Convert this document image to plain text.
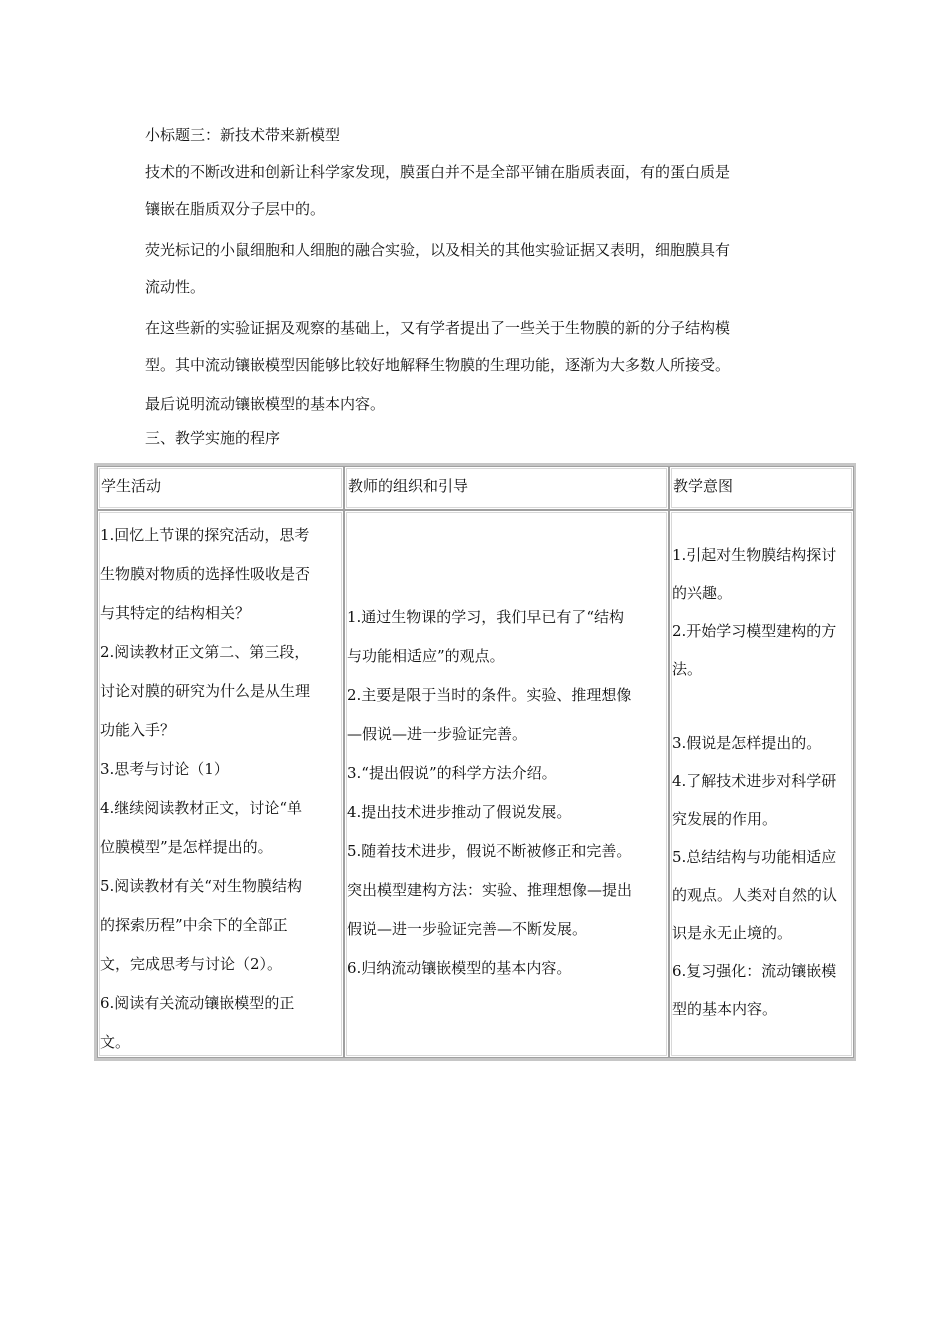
小标题三：新技术带来新模型

技术的不断改进和创新让科学家发现，膜蛋白并不是全部平铺在脂质表面，有的蛋白质是
镶嵌在脂质双分子层中的。

荧光标记的小鼠细胞和人细胞的融合实验，以及相关的其他实验证据又表明，细胞膜具有
流动性。

在这些新的实验证据及观察的基础上，又有学者提出了一些关于生物膜的新的分子结构模
型。其中流动镶嵌模型因能够比较好地解释生物膜的生理功能，逐渐为大多数人所接受。

最后说明流动镶嵌模型的基本内容。

三、教学实施的程序

学生活动	教师的组织和引导	教学意图
1.回忆上节课的探究活动，思考
生物膜对物质的选择性吸收是否
与其特定的结构相关？
2.阅读教材正文第二、第三段，
讨论对膜的研究为什么是从生理
功能入手？
3.思考与讨论（1）
4.继续阅读教材正文，讨论“单
位膜模型”是怎样提出的。
5.阅读教材有关“对生物膜结构
的探索历程”中余下的全部正
文，完成思考与讨论（2）。
6.阅读有关流动镶嵌模型的正
文。
1.通过生物课的学习，我们早已有了“结构
与功能相适应”的观点。
2.主要是限于当时的条件。实验、推理想像
—假说—进一步验证完善。
3.“提出假说”的科学方法介绍。
4.提出技术进步推动了假说发展。
5.随着技术进步，假说不断被修正和完善。
突出模型建构方法：实验、推理想像—提出
假说—进一步验证完善—不断发展。
6.归纳流动镶嵌模型的基本内容。
1.引起对生物膜结构探讨
的兴趣。
2.开始学习模型建构的方
法。
3.假说是怎样提出的。
4.了解技术进步对科学研
究发展的作用。
5.总结结构与功能相适应
的观点。人类对自然的认
识是永无止境的。
6.复习强化：流动镶嵌模
型的基本内容。
